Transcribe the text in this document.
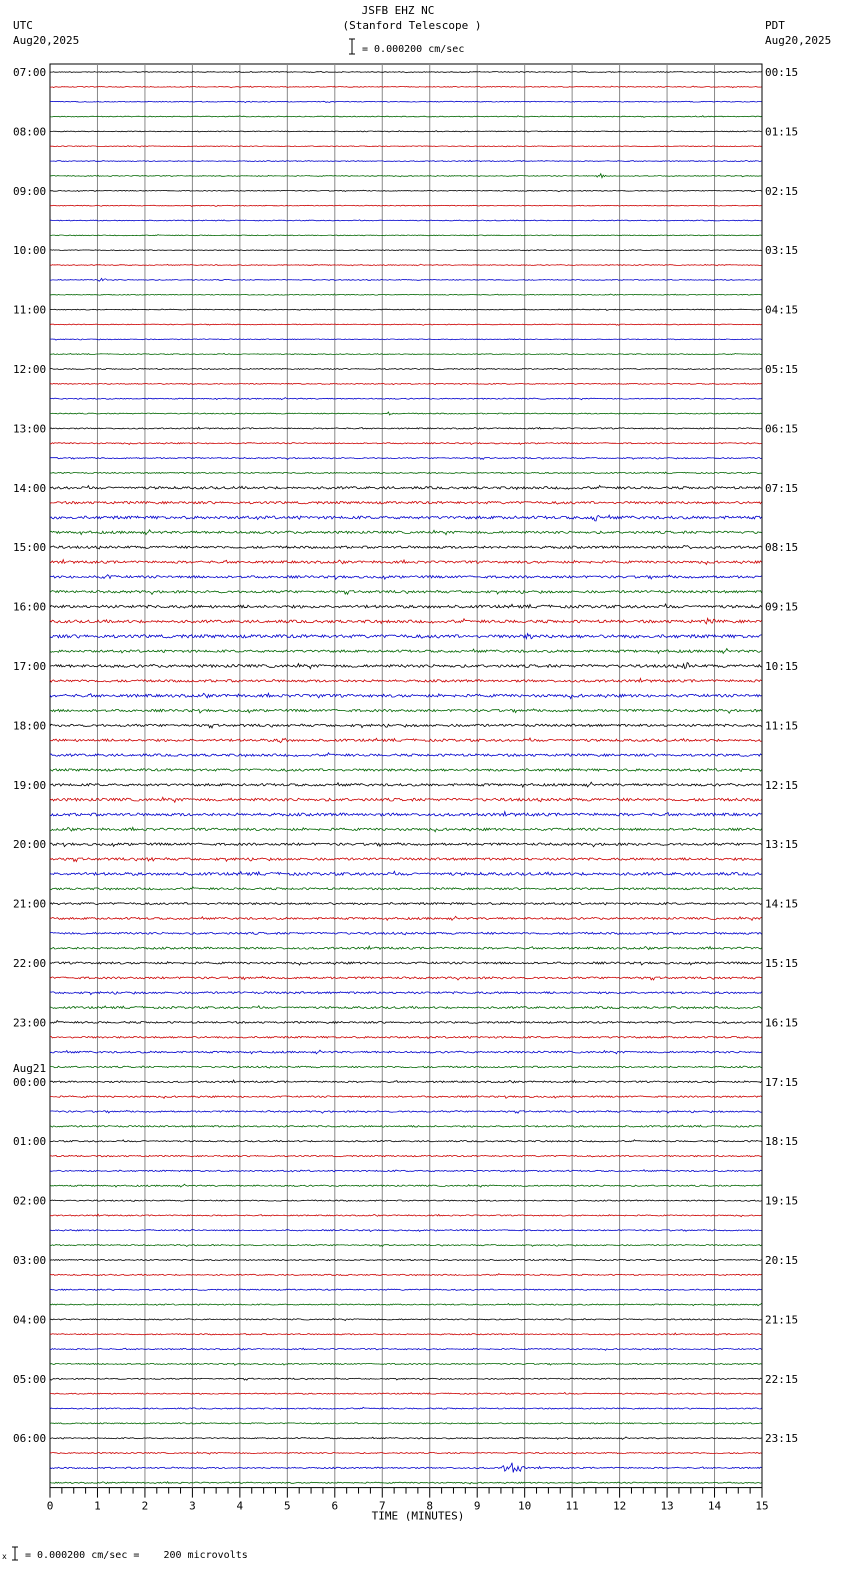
JSFB EHZ NC
(Stanford Telescope )
UTC
Aug20,2025
PDT
Aug20,2025
= 0.000200 cm/sec
07:00
08:00
09:00
10:00
11:00
12:00
13:00
14:00
15:00
16:00
17:00
18:00
19:00
20:00
21:00
22:00
23:00
00:00
Aug21
01:00
02:00
03:00
04:00
05:00
06:00
00:15
01:15
02:15
03:15
04:15
05:15
06:15
07:15
08:15
09:15
10:15
11:15
12:15
13:15
14:15
15:15
16:15
17:15
18:15
19:15
20:15
21:15
22:15
23:15
0	1	2	3	4	5	6	7	8	9	10	11	12	13	14	15
TIME (MINUTES)
x = 0.000200 cm/sec =    200 microvolts
